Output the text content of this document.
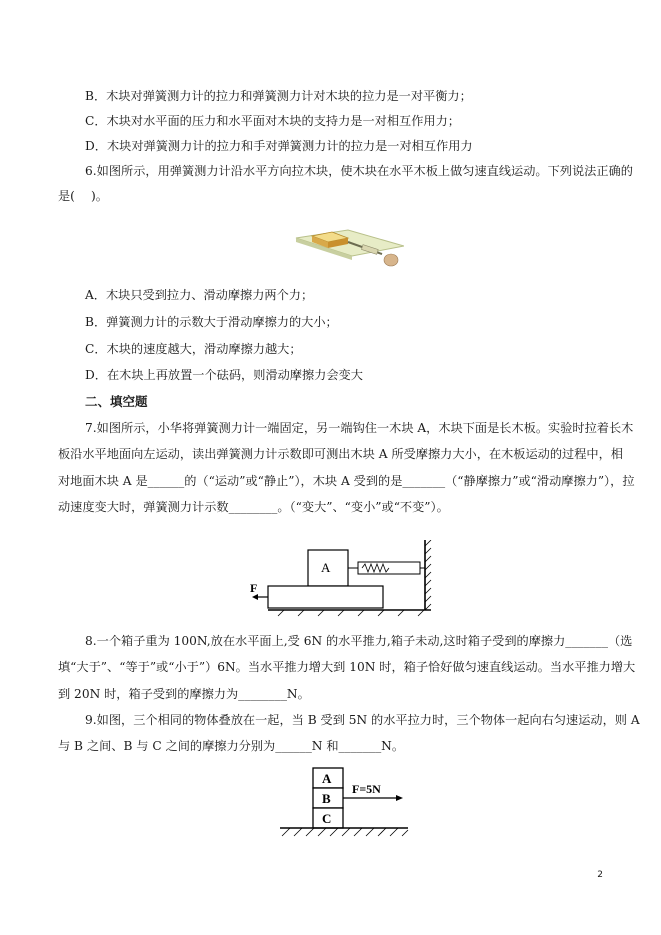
B．木块对弹簧测力计的拉力和弹簧测力计对木块的拉力是一对平衡力；
C．木块对水平面的压力和水平面对木块的支持力是一对相互作用力；
D．木块对弹簧测力计的拉力和手对弹簧测力计的拉力是一对相互作用力
6.如图所示，用弹簧测力计沿水平方向拉木块，使木块在水平木板上做匀速直线运动。下列说法正确的
是(　 )。
A．木块只受到拉力、滑动摩擦力两个力；
B．弹簧测力计的示数大于滑动摩擦力的大小；
C．木块的速度越大，滑动摩擦力越大；
D．在木块上再放置一个砝码，则滑动摩擦力会变大
二、填空题
7.如图所示，小华将弹簧测力计一端固定，另一端钩住一木块 A，木块下面是长木板。实验时拉着长木
板沿水平地面向左运动，读出弹簧测力计示数即可测出木块 A 所受摩擦力大小，在木板运动的过程中，相
对地面木块 A 是______的（“运动”或“静止”），木块 A 受到的是_______（“静摩擦力”或“滑动摩擦力”），拉
动速度变大时，弹簧测力计示数________。（“变大”、“变小”或“不变”）。
A
F
8.一个箱子重为 100N,放在水平面上,受 6N 的水平推力,箱子未动,这时箱子受到的摩擦力_______（选
填“大于”、“等于”或“小于”）6N。当水平推力增大到 10N 时，箱子恰好做匀速直线运动。当水平推力增大
到 20N 时，箱子受到的摩擦力为________N。
9.如图，三个相同的物体叠放在一起，当 B 受到 5N 的水平拉力时，三个物体一起向右匀速运动，则 A
与 B 之间、B 与 C 之间的摩擦力分别为______N 和_______N。
A
B
C
F=5N
2
